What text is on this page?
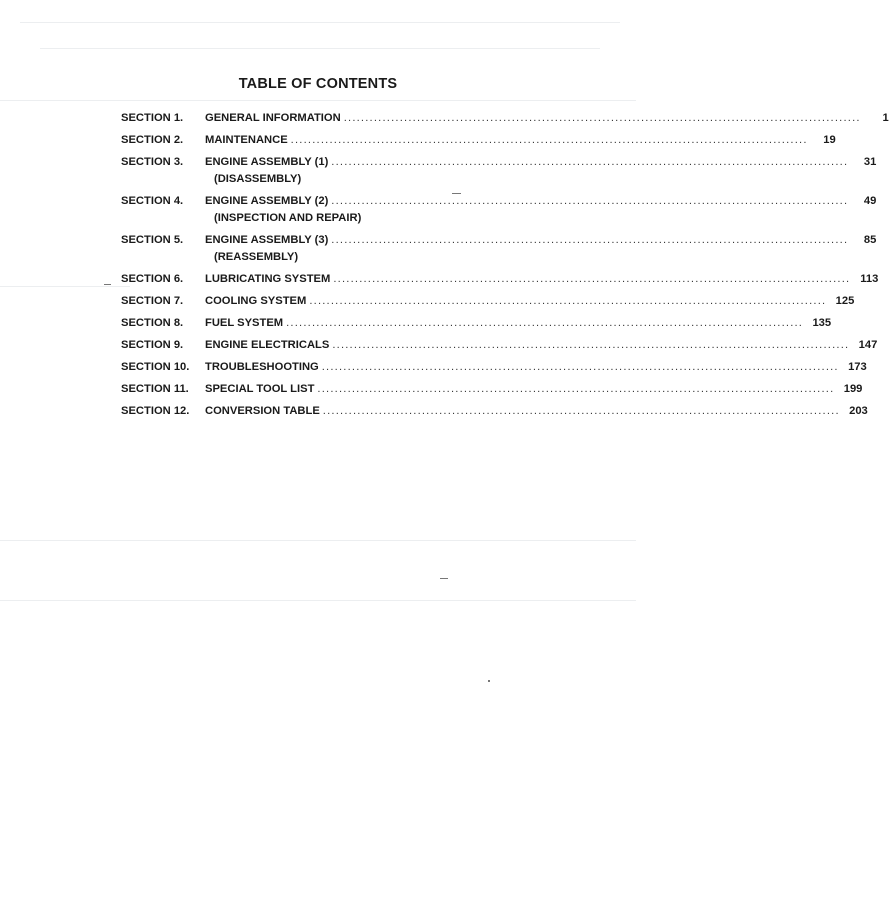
TABLE OF CONTENTS
SECTION 1.	GENERAL INFORMATION ........................................................................................................................	1
SECTION 2.	MAINTENANCE ........................................................................................................................	19
SECTION 3.	ENGINE ASSEMBLY (1) ........................................................................................................................	31
(DISASSEMBLY)
SECTION 4.	ENGINE ASSEMBLY (2) ........................................................................................................................	49
(INSPECTION AND REPAIR)
SECTION 5.	ENGINE ASSEMBLY (3) ........................................................................................................................	85
(REASSEMBLY)
SECTION 6.	LUBRICATING SYSTEM ........................................................................................................................ 113
SECTION 7.	COOLING SYSTEM ........................................................................................................................ 125
SECTION 8.	FUEL SYSTEM ........................................................................................................................ 135
SECTION 9.	ENGINE ELECTRICALS ........................................................................................................................ 147
SECTION 10.	TROUBLESHOOTING ........................................................................................................................ 173
SECTION 11.	SPECIAL TOOL LIST ........................................................................................................................ 199
SECTION 12.	CONVERSION TABLE ........................................................................................................................ 203
